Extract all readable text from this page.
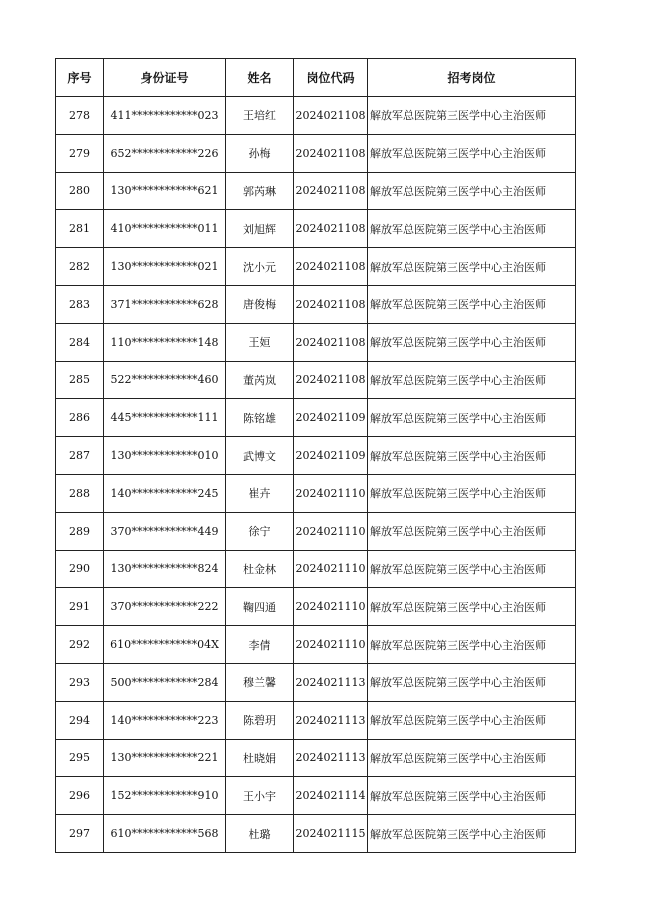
序号	身份证号	姓名	岗位代码	招考岗位
278	411************023	王培红	2024021108	解放军总医院第三医学中心主治医师
279	652************226	孙梅	2024021108	解放军总医院第三医学中心主治医师
280	130************621	郭芮琳	2024021108	解放军总医院第三医学中心主治医师
281	410************011	刘旭辉	2024021108	解放军总医院第三医学中心主治医师
282	130************021	沈小元	2024021108	解放军总医院第三医学中心主治医师
283	371************628	唐俊梅	2024021108	解放军总医院第三医学中心主治医师
284	110************148	王姮	2024021108	解放军总医院第三医学中心主治医师
285	522************460	董芮岚	2024021108	解放军总医院第三医学中心主治医师
286	445************111	陈铭雄	2024021109	解放军总医院第三医学中心主治医师
287	130************010	武博文	2024021109	解放军总医院第三医学中心主治医师
288	140************245	崔卉	2024021110	解放军总医院第三医学中心主治医师
289	370************449	徐宁	2024021110	解放军总医院第三医学中心主治医师
290	130************824	杜金林	2024021110	解放军总医院第三医学中心主治医师
291	370************222	鞠四通	2024021110	解放军总医院第三医学中心主治医师
292	610************04X	李倩	2024021110	解放军总医院第三医学中心主治医师
293	500************284	穆兰馨	2024021113	解放军总医院第三医学中心主治医师
294	140************223	陈碧玥	2024021113	解放军总医院第三医学中心主治医师
295	130************221	杜晓娟	2024021113	解放军总医院第三医学中心主治医师
296	152************910	王小宇	2024021114	解放军总医院第三医学中心主治医师
297	610************568	杜璐	2024021115	解放军总医院第三医学中心主治医师
